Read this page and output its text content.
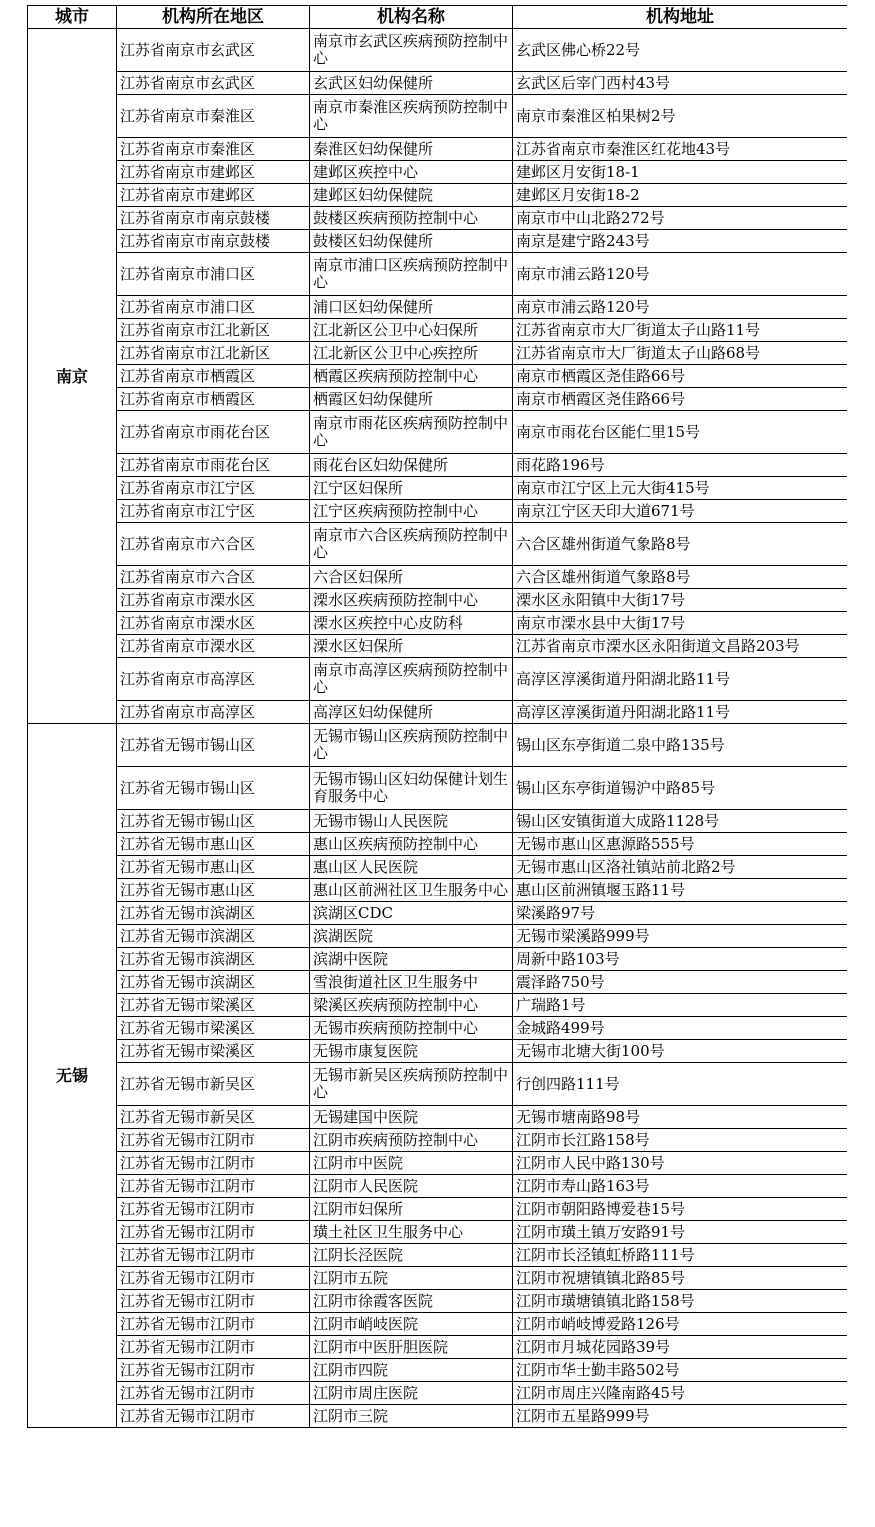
城市	机构所在地区	机构名称	机构地址
南京	江苏省南京市玄武区	南京市玄武区疾病预防控制中心	玄武区佛心桥22号
	江苏省南京市玄武区	玄武区妇幼保健所	玄武区后宰门西村43号
	江苏省南京市秦淮区	南京市秦淮区疾病预防控制中心	南京市秦淮区柏果树2号
	江苏省南京市秦淮区	秦淮区妇幼保健所	江苏省南京市秦淮区红花地43号
	江苏省南京市建邺区	建邺区疾控中心	建邺区月安街18-1
	江苏省南京市建邺区	建邺区妇幼保健院	建邺区月安街18-2
	江苏省南京市南京鼓楼	鼓楼区疾病预防控制中心	南京市中山北路272号
	江苏省南京市南京鼓楼	鼓楼区妇幼保健所	南京是建宁路243号
	江苏省南京市浦口区	南京市浦口区疾病预防控制中心	南京市浦云路120号
	江苏省南京市浦口区	浦口区妇幼保健所	南京市浦云路120号
	江苏省南京市江北新区	江北新区公卫中心妇保所	江苏省南京市大厂街道太子山路11号
	江苏省南京市江北新区	江北新区公卫中心疾控所	江苏省南京市大厂街道太子山路68号
	江苏省南京市栖霞区	栖霞区疾病预防控制中心	南京市栖霞区尧佳路66号
	江苏省南京市栖霞区	栖霞区妇幼保健所	南京市栖霞区尧佳路66号
	江苏省南京市雨花台区	南京市雨花区疾病预防控制中心	南京市雨花台区能仁里15号
	江苏省南京市雨花台区	雨花台区妇幼保健所	雨花路196号
	江苏省南京市江宁区	江宁区妇保所	南京市江宁区上元大街415号
	江苏省南京市江宁区	江宁区疾病预防控制中心	南京江宁区天印大道671号
	江苏省南京市六合区	南京市六合区疾病预防控制中心	六合区雄州街道气象路8号
	江苏省南京市六合区	六合区妇保所	六合区雄州街道气象路8号
	江苏省南京市溧水区	溧水区疾病预防控制中心	溧水区永阳镇中大街17号
	江苏省南京市溧水区	溧水区疾控中心皮防科	南京市溧水县中大街17号
	江苏省南京市溧水区	溧水区妇保所	江苏省南京市溧水区永阳街道文昌路203号
	江苏省南京市高淳区	南京市高淳区疾病预防控制中心	高淳区淳溪街道丹阳湖北路11号
	江苏省南京市高淳区	高淳区妇幼保健所	高淳区淳溪街道丹阳湖北路11号
无锡	江苏省无锡市锡山区	无锡市锡山区疾病预防控制中心	锡山区东亭街道二泉中路135号
	江苏省无锡市锡山区	无锡市锡山区妇幼保健计划生育服务中心	锡山区东亭街道锡沪中路85号
	江苏省无锡市锡山区	无锡市锡山人民医院	锡山区安镇街道大成路1128号
	江苏省无锡市惠山区	惠山区疾病预防控制中心	无锡市惠山区惠源路555号
	江苏省无锡市惠山区	惠山区人民医院	无锡市惠山区洛社镇站前北路2号
	江苏省无锡市惠山区	惠山区前洲社区卫生服务中心	惠山区前洲镇堰玉路11号
	江苏省无锡市滨湖区	滨湖区CDC	梁溪路97号
	江苏省无锡市滨湖区	滨湖医院	无锡市梁溪路999号
	江苏省无锡市滨湖区	滨湖中医院	周新中路103号
	江苏省无锡市滨湖区	雪浪街道社区卫生服务中	震泽路750号
	江苏省无锡市梁溪区	梁溪区疾病预防控制中心	广瑞路1号
	江苏省无锡市梁溪区	无锡市疾病预防控制中心	金城路499号
	江苏省无锡市梁溪区	无锡市康复医院	无锡市北塘大街100号
	江苏省无锡市新吴区	无锡市新吴区疾病预防控制中心	行创四路111号
	江苏省无锡市新吴区	无锡建国中医院	无锡市塘南路98号
	江苏省无锡市江阴市	江阴市疾病预防控制中心	江阴市长江路158号
	江苏省无锡市江阴市	江阴市中医院	江阴市人民中路130号
	江苏省无锡市江阴市	江阴市人民医院	江阴市寿山路163号
	江苏省无锡市江阴市	江阴市妇保所	江阴市朝阳路博爱巷15号
	江苏省无锡市江阴市	璜土社区卫生服务中心	江阴市璜土镇万安路91号
	江苏省无锡市江阴市	江阴长泾医院	江阴市长泾镇虹桥路111号
	江苏省无锡市江阴市	江阴市五院	江阴市祝塘镇镇北路85号
	江苏省无锡市江阴市	江阴市徐霞客医院	江阴市璜塘镇镇北路158号
	江苏省无锡市江阴市	江阴市峭岐医院	江阴市峭岐博爱路126号
	江苏省无锡市江阴市	江阴市中医肝胆医院	江阴市月城花园路39号
	江苏省无锡市江阴市	江阴市四院	江阴市华士勤丰路502号
	江苏省无锡市江阴市	江阴市周庄医院	江阴市周庄兴隆南路45号
	江苏省无锡市江阴市	江阴市三院	江阴市五星路999号
